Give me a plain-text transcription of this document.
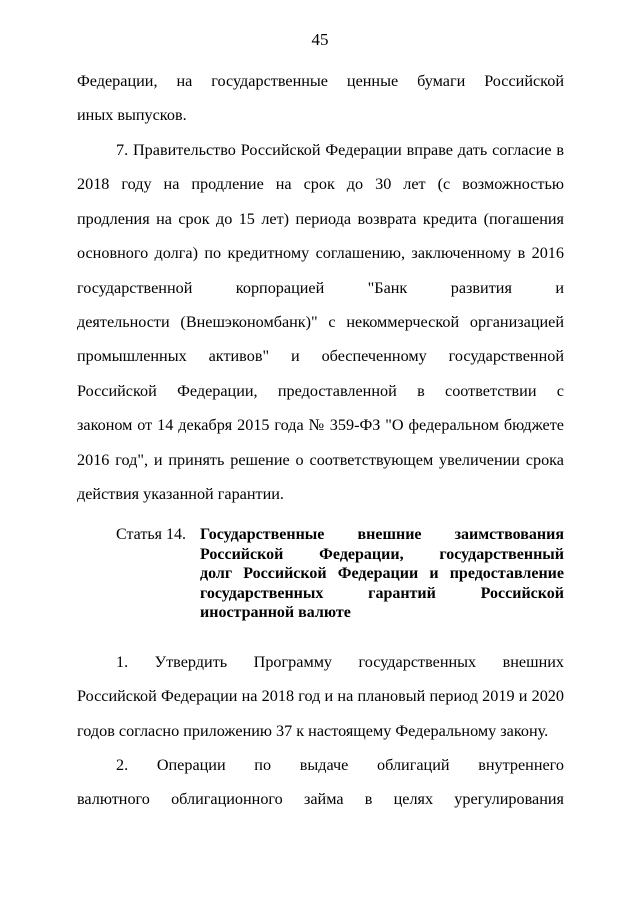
45
Федерации, на государственные ценные бумаги Российской
иных выпусков.
7. Правительство Российской Федерации вправе дать согласие в
2018 году на продление на срок до 30 лет (с возможностью
продления на срок до 15 лет) периода возврата кредита (погашения
основного долга) по кредитному соглашению, заключенному в 2016
государственной корпорацией "Банк развития и
деятельности (Внешэкономбанк)" с некоммерческой организацией
промышленных активов" и обеспеченному государственной
Российской Федерации, предоставленной в соответствии с
законом от 14 декабря 2015 года № 359-ФЗ "О федеральном бюджете
2016 год", и принять решение о соответствующем увеличении срока
действия указанной гарантии.
Статья 14. Государственные внешние заимствования
Российской Федерации, государственный
долг Российской Федерации и предоставление
государственных гарантий Российской
иностранной валюте
1. Утвердить Программу государственных внешних
Российской Федерации на 2018 год и на плановый период 2019 и 2020
годов согласно приложению 37 к настоящему Федеральному закону.
2. Операции по выдаче облигаций внутреннего
валютного облигационного займа в целях урегулирования
